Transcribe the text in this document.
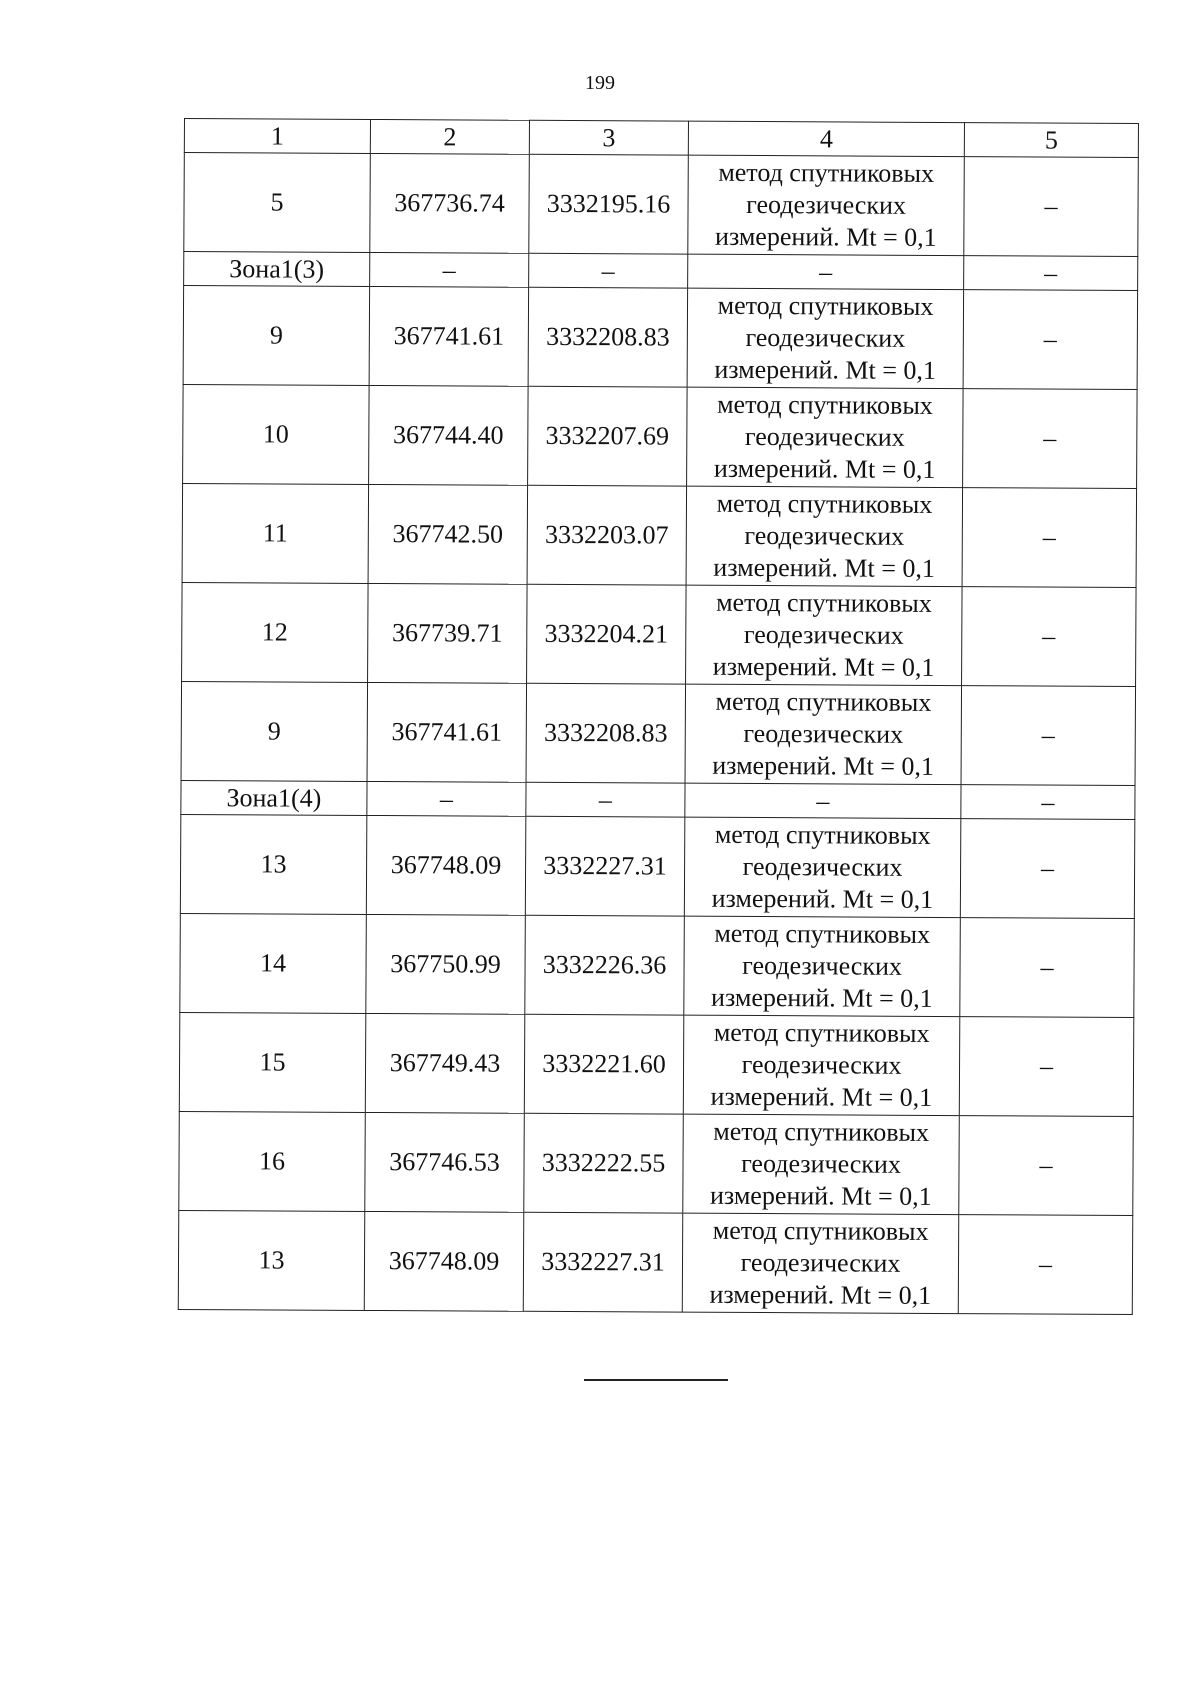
199
1	2	3	4	5
5	367736.74	3332195.16	метод спутниковых геодезических измерений. Mt = 0,1	–
Зона1(3)	–	–	–	–
9	367741.61	3332208.83	метод спутниковых геодезических измерений. Mt = 0,1	–
10	367744.40	3332207.69	метод спутниковых геодезических измерений. Mt = 0,1	–
11	367742.50	3332203.07	метод спутниковых геодезических измерений. Mt = 0,1	–
12	367739.71	3332204.21	метод спутниковых геодезических измерений. Mt = 0,1	–
9	367741.61	3332208.83	метод спутниковых геодезических измерений. Mt = 0,1	–
Зона1(4)	–	–	–	–
13	367748.09	3332227.31	метод спутниковых геодезических измерений. Mt = 0,1	–
14	367750.99	3332226.36	метод спутниковых геодезических измерений. Mt = 0,1	–
15	367749.43	3332221.60	метод спутниковых геодезических измерений. Mt = 0,1	–
16	367746.53	3332222.55	метод спутниковых геодезических измерений. Mt = 0,1	–
13	367748.09	3332227.31	метод спутниковых геодезических измерений. Mt = 0,1	–
